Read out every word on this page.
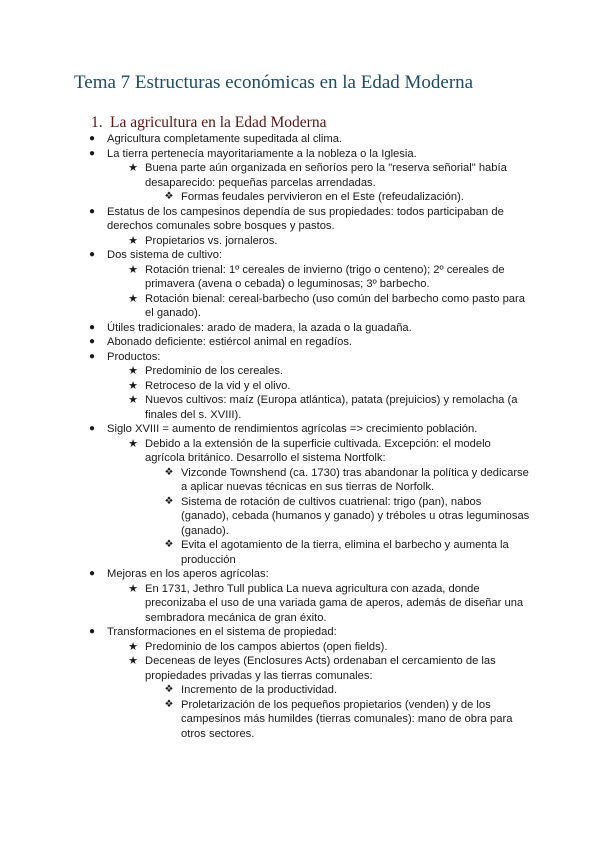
Tema 7 Estructuras económicas en la Edad Moderna
1. La agricultura en la Edad Moderna
● Agricultura completamente supeditada al clima.
● La tierra pertenecía mayoritariamente a la nobleza o la Iglesia.
★ Buena parte aún organizada en señoríos pero la "reserva señorial" había desaparecido: pequeñas parcelas arrendadas.
❖ Formas feudales pervivieron en el Este (refeudalización).
● Estatus de los campesinos dependía de sus propiedades: todos participaban de derechos comunales sobre bosques y pastos.
★ Propietarios vs. jornaleros.
● Dos sistema de cultivo:
★ Rotación trienal: 1º cereales de invierno (trigo o centeno); 2º cereales de primavera (avena o cebada) o leguminosas; 3º barbecho.
★ Rotación bienal: cereal-barbecho (uso común del barbecho como pasto para el ganado).
● Útiles tradicionales: arado de madera, la azada o la guadaña.
● Abonado deficiente: estiércol animal en regadíos.
● Productos:
★ Predominio de los cereales.
★ Retroceso de la vid y el olivo.
★ Nuevos cultivos: maíz (Europa atlántica), patata (prejuicios) y remolacha (a finales del s. XVIII).
● Siglo XVIII = aumento de rendimientos agrícolas => crecimiento población.
★ Debido a la extensión de la superficie cultivada. Excepción: el modelo agrícola británico. Desarrollo el sistema Nortfolk:
❖ Vizconde Townshend (ca. 1730) tras abandonar la política y dedicarse a aplicar nuevas técnicas en sus tierras de Norfolk.
❖ Sistema de rotación de cultivos cuatrienal: trigo (pan), nabos (ganado), cebada (humanos y ganado) y tréboles u otras leguminosas (ganado).
❖ Evita el agotamiento de la tierra, elimina el barbecho y aumenta la producción
● Mejoras en los aperos agrícolas:
★ En 1731, Jethro Tull publica La nueva agricultura con azada, donde preconizaba el uso de una variada gama de aperos, además de diseñar una sembradora mecánica de gran éxito.
● Transformaciones en el sistema de propiedad:
★ Predominio de los campos abiertos (open fields).
★ Deceneas de leyes (Enclosures Acts) ordenaban el cercamiento de las propiedades privadas y las tierras comunales:
❖ Incremento de la productividad.
❖ Proletarización de los pequeños propietarios (venden) y de los campesinos más humildes (tierras comunales): mano de obra para otros sectores.
